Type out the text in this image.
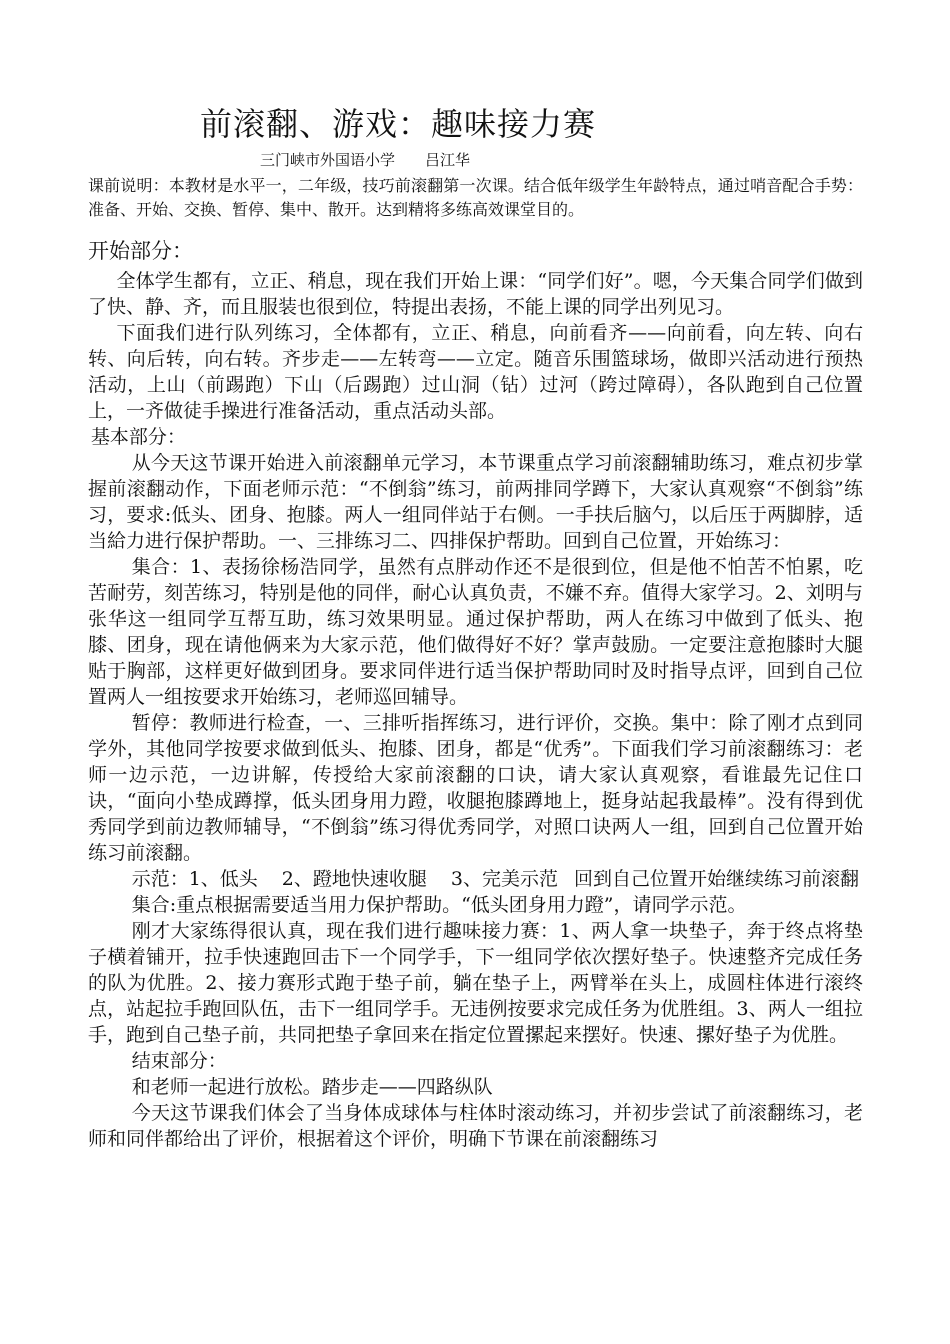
前滚翻、游戏：趣味接力赛
三门峡市外国语小学 吕江华
课前说明：本教材是水平一，二年级，技巧前滚翻第一次课。结合低年级学生年龄特点，通过哨音配合手势：准备、开始、交换、暂停、集中、散开。达到精将多练高效课堂目的。
开始部分：

全体学生都有，立正、稍息，现在我们开始上课：“同学们好”。嗯，今天集合同学们做到了快、静、齐，而且服装也很到位，特提出表扬，不能上课的同学出列见习。

下面我们进行队列练习，全体都有，立正、稍息，向前看齐——向前看，向左转、向右转、向后转，向右转。齐步走——左转弯——立定。随音乐围篮球场，做即兴活动进行预热活动，上山（前踢跑）下山（后踢跑）过山洞（钻）过河（跨过障碍），各队跑到自己位置上，一齐做徒手操进行准备活动，重点活动头部。

基本部分：

从今天这节课开始进入前滚翻单元学习，本节课重点学习前滚翻辅助练习，难点初步掌握前滚翻动作，下面老师示范：“不倒翁”练习，前两排同学蹲下，大家认真观察“不倒翁”练习，要求:低头、团身、抱膝。两人一组同伴站于右侧。一手扶后脑勺，以后压于两脚脖，适当給力进行保护帮助。一、三排练习二、四排保护帮助。回到自己位置，开始练习：

集合：1、表扬徐杨浩同学，虽然有点胖动作还不是很到位，但是他不怕苦不怕累，吃苦耐劳，刻苦练习，特别是他的同伴，耐心认真负责，不嫌不弃。值得大家学习。2、刘明与张华这一组同学互帮互助，练习效果明显。通过保护帮助，两人在练习中做到了低头、抱膝、团身，现在请他俩来为大家示范，他们做得好不好？掌声鼓励。一定要注意抱膝时大腿贴于胸部，这样更好做到团身。要求同伴进行适当保护帮助同时及时指导点评，回到自己位置两人一组按要求开始练习，老师巡回辅导。

暂停：教师进行检查，一、三排听指挥练习，进行评价，交换。集中：除了刚才点到同学外，其他同学按要求做到低头、抱膝、团身，都是“优秀”。下面我们学习前滚翻练习：老师一边示范，一边讲解，传授给大家前滚翻的口诀，请大家认真观察，看谁最先记住口诀，“面向小垫成蹲撑，低头团身用力蹬，收腿抱膝蹲地上，挺身站起我最棒”。没有得到优秀同学到前边教师辅导，“不倒翁”练习得优秀同学，对照口诀两人一组，回到自己位置开始练习前滚翻。

示范：1、低头 2、蹬地快速收腿 3、完美示范 回到自己位置开始继续练习前滚翻

集合:重点根据需要适当用力保护帮助。“低头团身用力蹬”，请同学示范。

刚才大家练得很认真，现在我们进行趣味接力赛：1、两人拿一块垫子，奔于终点将垫子横着铺开，拉手快速跑回击下一个同学手，下一组同学依次摆好垫子。快速整齐完成任务的队为优胜。2、接力赛形式跑于垫子前，躺在垫子上，两臂举在头上，成圆柱体进行滚终点，站起拉手跑回队伍，击下一组同学手。无违例按要求完成任务为优胜组。3、两人一组拉手，跑到自己垫子前，共同把垫子拿回来在指定位置摞起来摆好。快速、摞好垫子为优胜。

结束部分：

和老师一起进行放松。踏步走——四路纵队

今天这节课我们体会了当身体成球体与柱体时滚动练习，并初步尝试了前滚翻练习，老师和同伴都给出了评价，根据着这个评价，明确下节课在前滚翻练习
